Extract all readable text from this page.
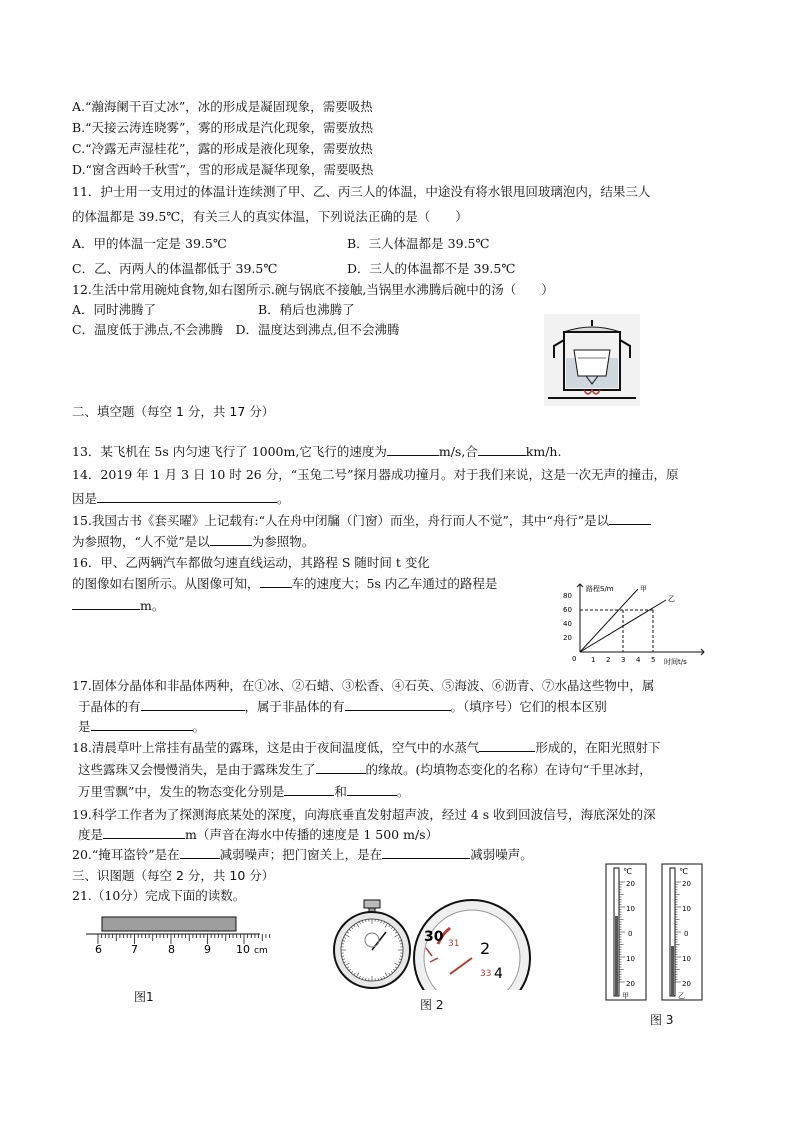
A.“瀚海阑干百丈冰”，冰的形成是凝固现象，需要吸热
B.“天接云涛连晓雾”，雾的形成是汽化现象，需要放热
C.“冷露无声湿桂花”，露的形成是液化现象，需要放热
D.“窗含西岭千秋雪”，雪的形成是凝华现象，需要吸热
11．护士用一支用过的体温计连续测了甲、乙、丙三人的体温，中途没有将水银甩回玻璃泡内，结果三人
的体温都是 39.5℃，有关三人的真实体温，下列说法正确的是（　　）
A．甲的体温一定是 39.5℃	B．三人体温都是 39.5℃
C．乙、丙两人的体温都低于 39.5℃	D．三人的体温都不是 39.5℃
12.生活中常用碗炖食物,如右图所示.碗与锅底不接触,当锅里水沸腾后碗中的汤（　　）
A．同时沸腾了	B．稍后也沸腾了
C．温度低于沸点,不会沸腾　D．温度达到沸点,但不会沸腾
二、填空题（每空 1 分，共 17 分）
13．某飞机在 5s 内匀速飞行了 1000m,它飞行的速度为	m/s,合	km/h.
14．2019 年 1 月 3 日 10 时 26 分，“玉兔二号”探月器成功撞月。对于我们来说，这是一次无声的撞击，原
因是	。
15.我国古书《套买曜》上记载有:“人在舟中闭牖（门窗）而坐，舟行而人不觉”，其中“舟行”是以
为参照物，“人不觉”是以	为参照物。
16．甲、乙两辆汽车都做匀速直线运动，其路程 S 随时间 t 变化
的图像如右图所示。从图像可知，	车的速度大；5s 内乙车通过的路程是
m。
路程S/m
时间t/s
0
80
60
40
20
1 2 3 4 5
甲
乙
17.固体分晶体和非晶体两种，在①冰、②石蜡、③松香、④石英、⑤海波、⑥沥青、⑦水晶这些物中，属
于晶体的有	，属于非晶体的有	。（填序号）它们的根本区别
是	。
18.清晨草叶上常挂有晶莹的露珠，这是由于夜间温度低，空气中的水蒸气	形成的，在阳光照射下
这些露珠又会慢慢消失，是由于露珠发生了	的缘故。(均填物态变化的名称）在诗句“千里冰封，
万里雪飘”中，发生的物态变化分别是	和	。
19.科学工作者为了探测海底某处的深度，向海底垂直发射超声波，经过 4 s 收到回波信号，海底深处的深
度是	m（声音在海水中传播的速度是 1 500 m/s）
20.“掩耳盗铃”是在	减弱噪声；把门窗关上，是在	减弱噪声。
三、识图题（每空 2 分，共 10 分）
21.（10分）完成下面的读数。
6	7	8	9 10 cm
图1
30 31 2
33 4
图 2
℃
20
10
0
10
20
甲
℃
20
10
0
10
20
乙
图 3
